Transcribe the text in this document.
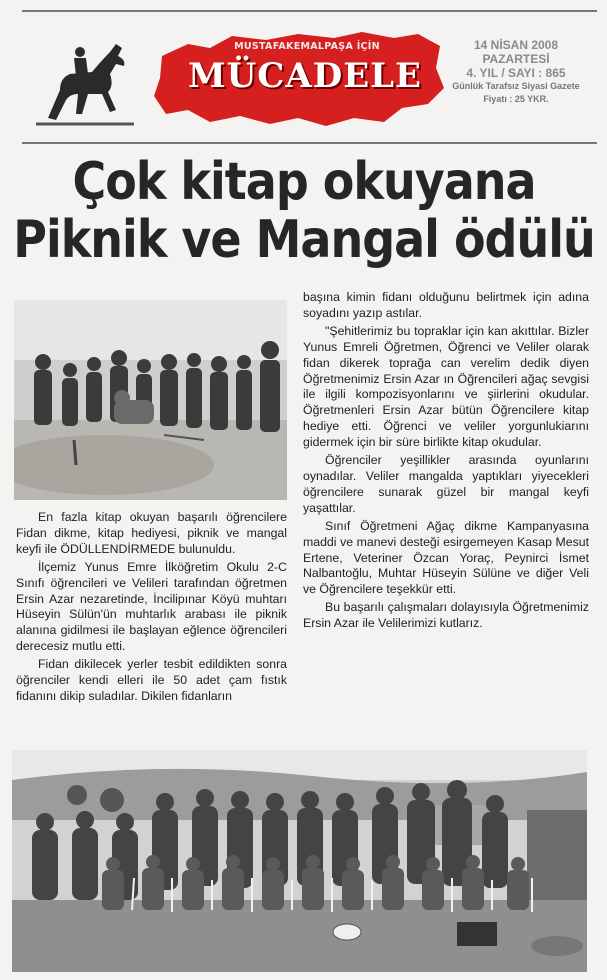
MUSTAFAKEMALPAŞA İÇİN
MÜCADELE
14 NİSAN 2008
PAZARTESİ
4. YIL / SAYI : 865
Günlük Tarafsız Siyasi Gazete
Fiyatı : 25 YKR.
Çok kitap okuyana
Piknik ve Mangal ödülü

En fazla kitap okuyan başarılı öğrencilere Fidan dikme, kitap hediyesi, piknik ve mangal keyfi ile ÖDÜLLENDİRMEDE bulunuldu.

İlçemiz Yunus Emre İlköğretim Okulu 2-C Sınıfı öğrencileri ve Velileri tarafından öğretmen Ersin Azar nezaretinde, İncilipınar Köyü muhtarı Hüseyin Sülün'ün muhtarlık arabası ile piknik alanına gidilmesi ile başlayan eğlence öğrencileri derecesiz mutlu etti.

Fidan dikilecek yerler tesbit edildikten sonra öğrenciler kendi elleri ile 50 adet çam fıstık fidanını dikip suladılar. Dikilen fidanların

başına kimin fidanı olduğunu belirtmek için adına soyadını yazıp astılar.

"Şehitlerimiz bu topraklar için kan akıttılar. Bizler Yunus Emreli Öğretmen, Öğrenci ve Veliler olarak fidan dikerek toprağa can verelim dedik diyen Öğretmenimiz Ersin Azar ın Öğrencileri ağaç sevgisi ile ilgili kompozisyonlarını ve şiirlerini okudular. Öğretmenleri Ersin Azar bütün Öğrencilere kitap hediye etti. Öğrenci ve veliler yorgunlukiarını gidermek için bir süre birlikte kitap okudular.

Öğrenciler yeşillikler arasında oyunlarını oynadılar. Veliler mangalda yaptıkları yiyecekleri öğrencilere sunarak güzel bir mangal keyfi yaşattılar.

Sınıf Öğretmeni Ağaç dikme Kampanyasına maddi ve manevi desteği esirgemeyen Kasap Mesut Ertene, Veteriner Özcan Yoraç, Peynirci İsmet Nalbantoğlu, Muhtar Hüseyin Sülüne ve diğer Veli ve Öğrencilere teşekkür etti.

Bu başarılı çalışmaları dolayısıyla Öğretmenimiz Ersin Azar ile Velilerimizi kutlarız.
